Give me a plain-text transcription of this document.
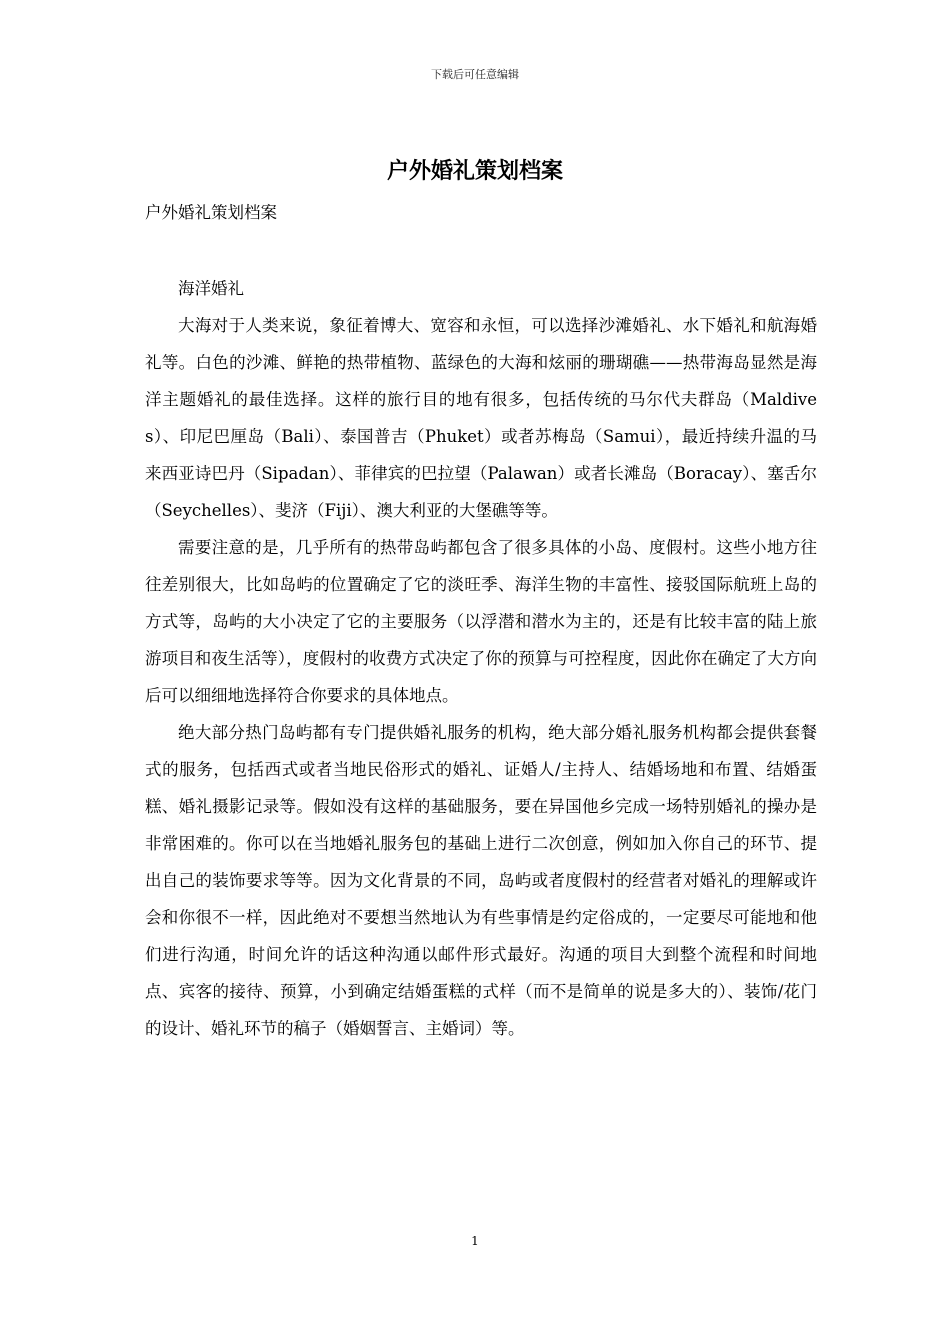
下载后可任意编辑
户外婚礼策划档案
户外婚礼策划档案

海洋婚礼

大海对于人类来说，象征着博大、宽容和永恒，可以选择沙滩婚礼、水下婚礼和航海婚礼等。白色的沙滩、鲜艳的热带植物、蓝绿色的大海和炫丽的珊瑚礁——热带海岛显然是海洋主题婚礼的最佳选择。这样的旅行目的地有很多，包括传统的马尔代夫群岛（Maldives）、印尼巴厘岛（Bali）、泰国普吉（Phuket）或者苏梅岛（Samui），最近持续升温的马来西亚诗巴丹（Sipadan）、菲律宾的巴拉望（Palawan）或者长滩岛（Boracay）、塞舌尔（Seychelles）、斐济（Fiji）、澳大利亚的大堡礁等等。

需要注意的是，几乎所有的热带岛屿都包含了很多具体的小岛、度假村。这些小地方往往差别很大，比如岛屿的位置确定了它的淡旺季、海洋生物的丰富性、接驳国际航班上岛的方式等，岛屿的大小决定了它的主要服务（以浮潜和潜水为主的，还是有比较丰富的陆上旅游项目和夜生活等），度假村的收费方式决定了你的预算与可控程度，因此你在确定了大方向后可以细细地选择符合你要求的具体地点。

绝大部分热门岛屿都有专门提供婚礼服务的机构，绝大部分婚礼服务机构都会提供套餐式的服务，包括西式或者当地民俗形式的婚礼、证婚人/主持人、结婚场地和布置、结婚蛋糕、婚礼摄影记录等。假如没有这样的基础服务，要在异国他乡完成一场特别婚礼的操办是非常困难的。你可以在当地婚礼服务包的基础上进行二次创意，例如加入你自己的环节、提出自己的装饰要求等等。因为文化背景的不同，岛屿或者度假村的经营者对婚礼的理解或许会和你很不一样，因此绝对不要想当然地认为有些事情是约定俗成的，一定要尽可能地和他们进行沟通，时间允许的话这种沟通以邮件形式最好。沟通的项目大到整个流程和时间地点、宾客的接待、预算，小到确定结婚蛋糕的式样（而不是简单的说是多大的）、装饰/花门的设计、婚礼环节的稿子（婚姻誓言、主婚词）等。

1
